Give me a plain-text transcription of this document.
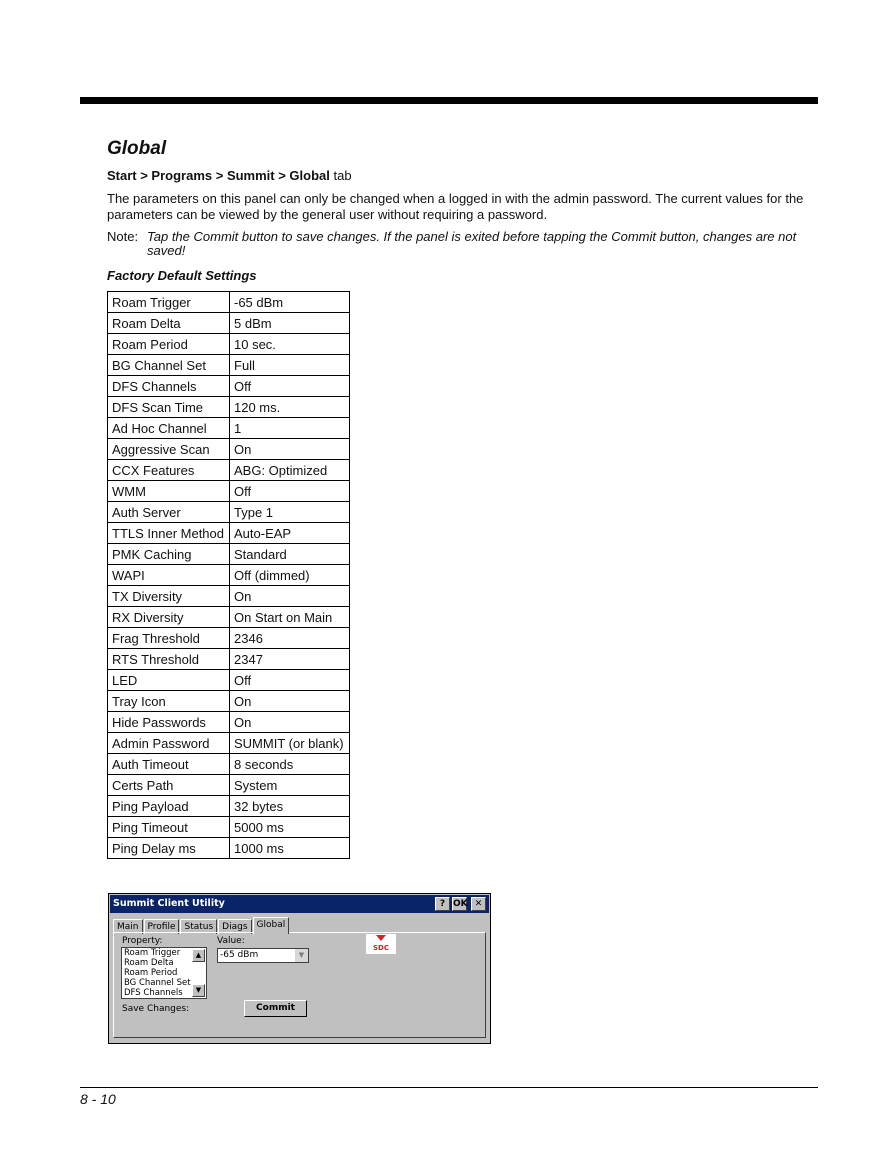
Global
Start > Programs > Summit > Global tab

The parameters on this panel can only be changed when a logged in with the admin password. The current values for the parameters can be viewed by the general user without requiring a password.

Note: Tap the Commit button to save changes. If the panel is exited before tapping the Commit button, changes are not saved!
Factory Default Settings
Roam Trigger	-65 dBm
Roam Delta	5 dBm
Roam Period	10 sec.
BG Channel Set	Full
DFS Channels	Off
DFS Scan Time	120 ms.
Ad Hoc Channel	1
Aggressive Scan	On
CCX Features	ABG: Optimized
WMM	Off
Auth Server	Type 1
TTLS Inner Method	Auto-EAP
PMK Caching	Standard
WAPI	Off (dimmed)
TX Diversity	On
RX Diversity	On Start on Main
Frag Threshold	2346
RTS Threshold	2347
LED	Off
Tray Icon	On
Hide Passwords	On
Admin Password	SUMMIT (or blank)
Auth Timeout	8 seconds
Certs Path	System
Ping Payload	32 bytes
Ping Timeout	5000 ms
Ping Delay ms	1000 ms
Summit Client Utility	? OK ✕
Main	Profile	Status	Diags	Global
Property:	Value:
Roam Trigger
Roam Delta
Roam Period
BG Channel Set
DFS Channels
▲
▼
-65 dBm	▼
SDC
Save Changes:	Commit
8 - 10
